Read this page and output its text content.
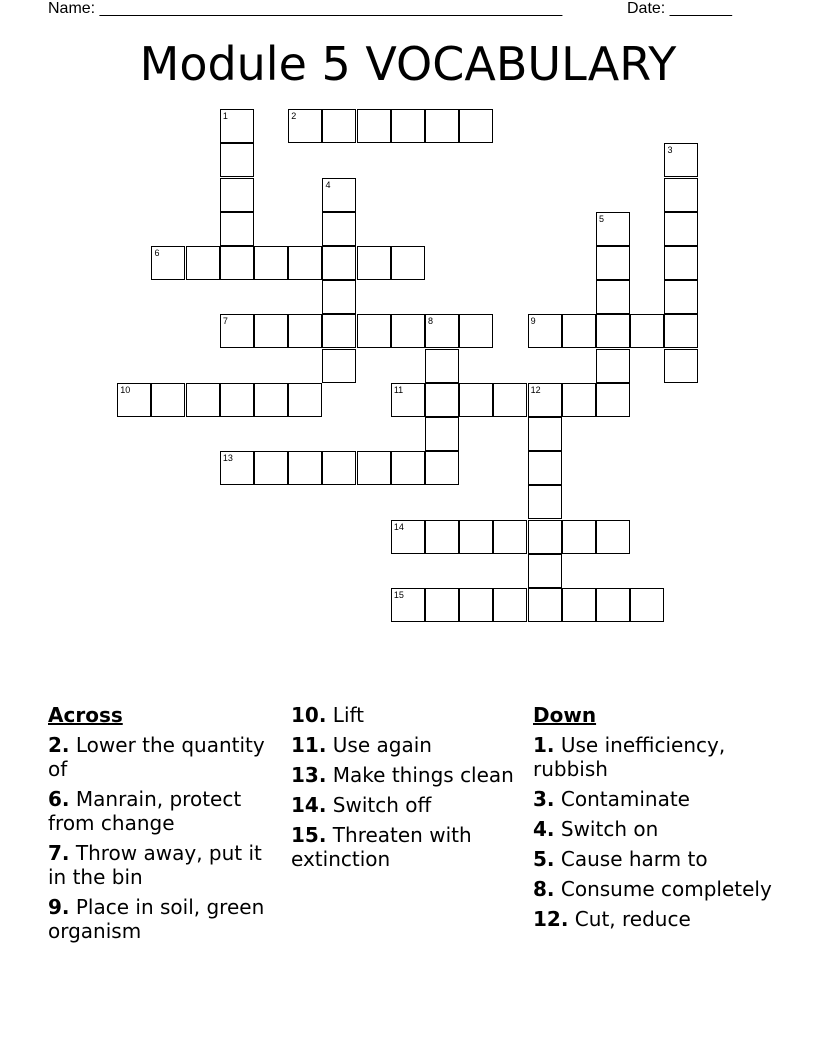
Name: ____________________________________________________	Date: _______
Module 5 VOCABULARY
1	2
3
4
5
6
7	8	9
10	11	12
13
14
15
Across
2. Lower the quantity of
6. Manrain, protect from change
7. Throw away, put it in the bin
9. Place in soil, green organism
10. Lift
11. Use again
13. Make things clean
14. Switch off
15. Threaten with extinction
Down
1. Use inefficiency, rubbish
3. Contaminate
4. Switch on
5. Cause harm to
8. Consume completely
12. Cut, reduce
